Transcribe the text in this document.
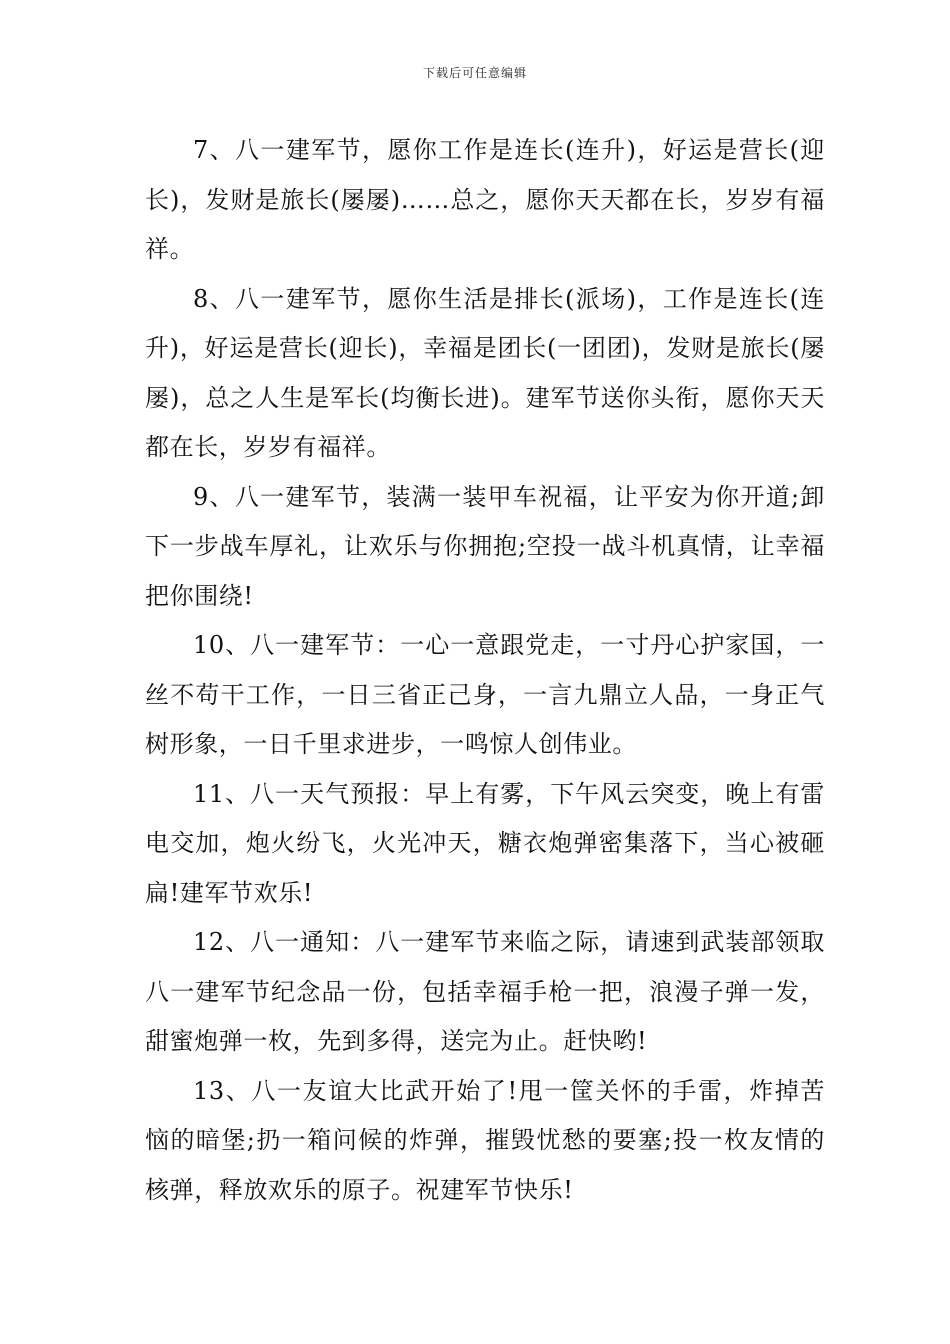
下载后可任意编辑

7、八一建军节，愿你工作是连长(连升)，好运是营长(迎长)，发财是旅长(屡屡)……总之，愿你天天都在长，岁岁有福祥。

8、八一建军节，愿你生活是排长(派场)，工作是连长(连升)，好运是营长(迎长)，幸福是团长(一团团)，发财是旅长(屡屡)，总之人生是军长(均衡长进)。建军节送你头衔，愿你天天都在长，岁岁有福祥。

9、八一建军节，装满一装甲车祝福，让平安为你开道;卸下一步战车厚礼，让欢乐与你拥抱;空投一战斗机真情，让幸福把你围绕!

10、八一建军节：一心一意跟党走，一寸丹心护家国，一丝不苟干工作，一日三省正己身，一言九鼎立人品，一身正气树形象，一日千里求进步，一鸣惊人创伟业。

11、八一天气预报：早上有雾，下午风云突变，晚上有雷电交加，炮火纷飞，火光冲天，糖衣炮弹密集落下，当心被砸扁!建军节欢乐!

12、八一通知：八一建军节来临之际，请速到武装部领取八一建军节纪念品一份，包括幸福手枪一把，浪漫子弹一发，甜蜜炮弹一枚，先到多得，送完为止。赶快哟!

13、八一友谊大比武开始了!甩一筐关怀的手雷，炸掉苦恼的暗堡;扔一箱问候的炸弹，摧毁忧愁的要塞;投一枚友情的核弹，释放欢乐的原子。祝建军节快乐!
